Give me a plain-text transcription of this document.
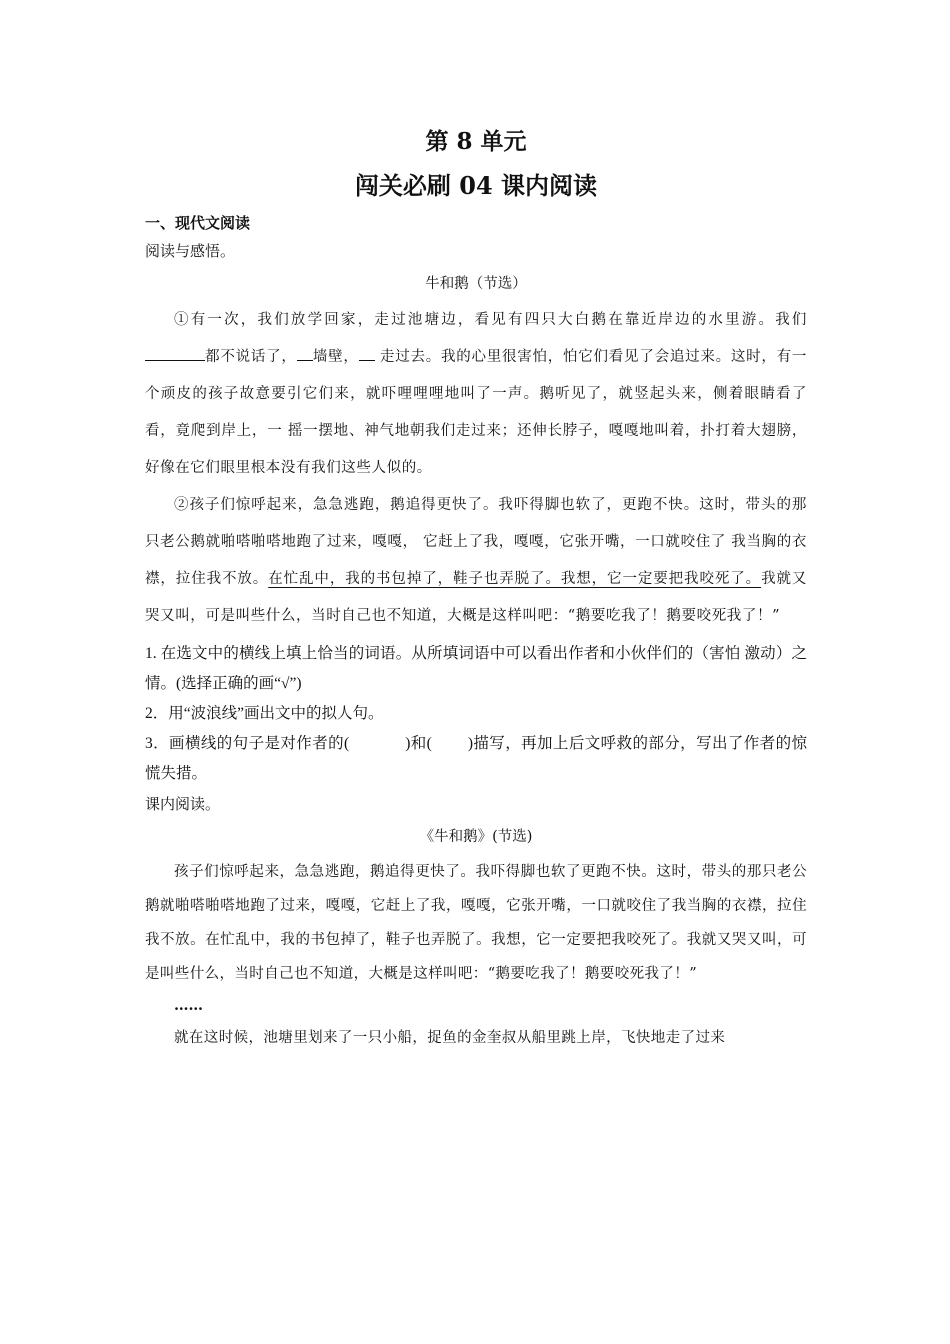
第 8 单元
闯关必刷 04 课内阅读
一、现代文阅读

阅读与感悟。

牛和鹅（节选）

①有一次，我们放学回家，走过池塘边，看见有四只大白鹅在靠近岸边的水里游。我们都不说话了， 墙壁， 走过去。我的心里很害怕，怕它们看见了会追过来。这时，有一个顽皮的孩子故意要引它们来，就吓哩哩哩地叫了一声。鹅听见了，就竖起头来，侧着眼睛看了看，竟爬到岸上，一 摇一摆地、神气地朝我们走过来；还伸长脖子，嘎嘎地叫着，扑打着大翅膀，好像在它们眼里根本没有我们这些人似的。

②孩子们惊呼起来，急急逃跑，鹅追得更快了。我吓得脚也软了，更跑不快。这时，带头的那只老公鹅就啪嗒啪嗒地跑了过来，嘎嘎， 它赶上了我，嘎嘎，它张开嘴，一口就咬住了 我当胸的衣襟，拉住我不放。在忙乱中，我的书包掉了，鞋子也弄脱了。我想，它一定要把我咬死了。我就又哭又叫，可是叫些什么，当时自己也不知道，大概是这样叫吧：“鹅要吃我了！鹅要咬死我了！”

1. 在选文中的横线上填上恰当的词语。从所填词语中可以看出作者和小伙伴们的（害怕 激动）之情。(选择正确的画“√”)

2．用“波浪线”画出文中的拟人句。

3．画横线的句子是对作者的(	)和( )描写，再加上后文呼救的部分，写出了作者的惊慌失措。

课内阅读。

《牛和鹅》(节选)

孩子们惊呼起来，急急逃跑，鹅追得更快了。我吓得脚也软了更跑不快。这时，带头的那只老公鹅就啪嗒啪嗒地跑了过来，嘎嘎，它赶上了我，嘎嘎，它张开嘴，一口就咬住了我当胸的衣襟，拉住我不放。在忙乱中，我的书包掉了，鞋子也弄脱了。我想，它一定要把我咬死了。我就又哭又叫，可是叫些什么，当时自己也不知道，大概是这样叫吧：“鹅要吃我了！鹅要咬死我了！”

……

就在这时候，池塘里划来了一只小船，捉鱼的金奎叔从船里跳上岸，飞快地走了过来
